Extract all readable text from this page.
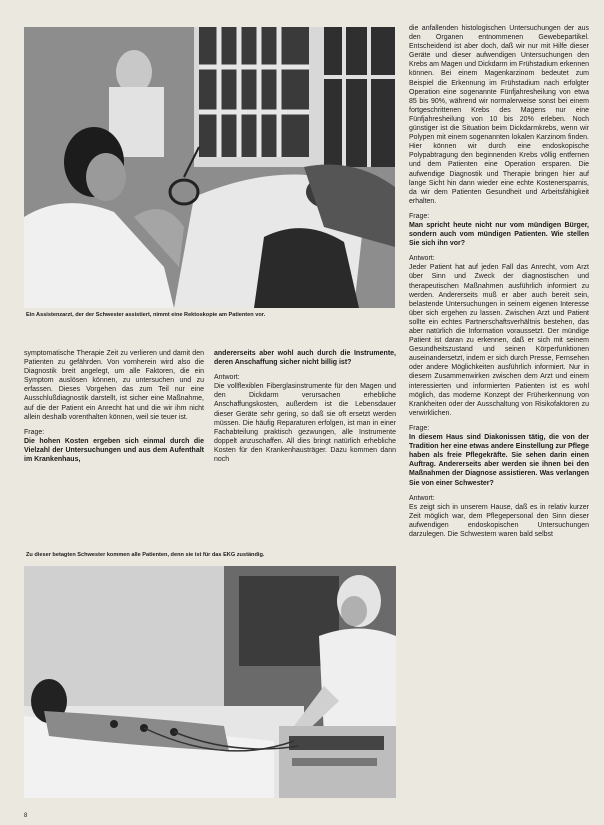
Ein Assistenzarzt, der der Schwester assistiert, nimmt eine Rektoskopie am Patienten vor.

symptomatische Therapie Zeit zu verlieren und damit den Patienten zu gefährden. Von vornherein wird also die Diagnostik breit angelegt, um alle Faktoren, die ein Symptom auslösen können, zu untersuchen und zu erfassen. Dieses Vorgehen das zum Teil nur eine Ausschlußdiagnostik darstellt, ist sicher eine Maßnahme, auf die der Patient ein Anrecht hat und die wir ihm nicht allein deshalb vorenthalten können, weil sie teuer ist.

Frage:

Die hohen Kosten ergeben sich einmal durch die Vielzahl der Untersuchungen und aus dem Aufenthalt im Krankenhaus,

andererseits aber wohl auch durch die Instrumente, deren Anschaffung sicher nicht billig ist?

Antwort:

Die vollflexiblen Fiberglasinstrumente für den Magen und den Dickdarm verursachen erhebliche Anschaffungskosten, außerdem ist die Lebensdauer dieser Geräte sehr gering, so daß sie oft ersetzt werden müssen. Die häufig Reparaturen erfolgen, ist man in einer Fachabteilung praktisch gezwungen, alle Instrumente doppelt anzuschaffen. All dies bringt natürlich erhebliche Kosten für den Krankenhausträger. Dazu kommen dann noch

Zu dieser betagten Schwester kommen alle Patienten, denn sie ist für das EKG zuständig.

die anfallenden histologischen Untersuchungen der aus den Organen entnommenen Gewebepartikel. Entscheidend ist aber doch, daß wir nur mit Hilfe dieser Geräte und dieser aufwendigen Untersuchungen den Krebs am Magen und Dickdarm im Frühstadium erkennen können. Bei einem Magenkarzinom bedeutet zum Beispiel die Erkennung im Frühstadium nach erfolgter Operation eine sogenannte Fünfjahresheilung von etwa 85 bis 90%, während wir normalerweise sonst bei einem fortgeschrittenen Krebs des Magens nur eine Fünfjahresheilung von 10 bis 20% erleben. Noch günstiger ist die Situation beim Dickdarmkrebs, wenn wir Polypen mit einem sogenannten lokalen Karzinom finden. Hier können wir durch eine endoskopische Polypabtragung den beginnenden Krebs völlig entfernen und dem Patienten eine Operation ersparen. Die aufwendige Diagnostik und Therapie bringen hier auf lange Sicht hin dann wieder eine echte Kostenersparnis, da wir dem Patienten Gesundheit und Arbeitsfähigkeit erhalten.

Frage:

Man spricht heute nicht nur vom mündigen Bürger, sondern auch vom mündigen Patienten. Wie stellen Sie sich ihn vor?

Antwort:

Jeder Patient hat auf jeden Fall das Anrecht, vom Arzt über Sinn und Zweck der diagnostischen und therapeutischen Maßnahmen ausführlich informiert zu werden. Andererseits muß er aber auch bereit sein, belastende Untersuchungen in seinem eigenen Interesse über sich ergehen zu lassen. Zwischen Arzt und Patient sollte ein echtes Partnerschaftsverhältnis bestehen, das aber natürlich die Information voraussetzt. Der mündige Patient ist daran zu erkennen, daß er sich mit seinem Gesundheitszustand und seinen Körperfunktionen auseinandersetzt, indem er sich durch Presse, Fernsehen oder andere Möglichkeiten ausführlich informiert. Nur in diesem Zusammenwirken zwischen dem Arzt und einem interessierten und informierten Patienten ist es wohl möglich, das moderne Konzept der Früherkennung von Krankheiten oder der Ausschaltung von Risikofaktoren zu verwirklichen.

Frage:

In diesem Haus sind Diakonissen tätig, die von der Tradition her eine etwas andere Einstellung zur Pflege haben als freie Pflegekräfte. Sie sehen darin einen Auftrag. Andererseits aber werden sie ihnen bei den Maßnahmen der Diagnose assistieren. Was verlangen Sie von einer Schwester?

Antwort:

Es zeigt sich in unserem Hause, daß es in relativ kurzer Zeit möglich war, dem Pflegepersonal den Sinn dieser aufwendigen endoskopischen Untersuchungen darzulegen. Die Schwestern waren bald selbst

8
